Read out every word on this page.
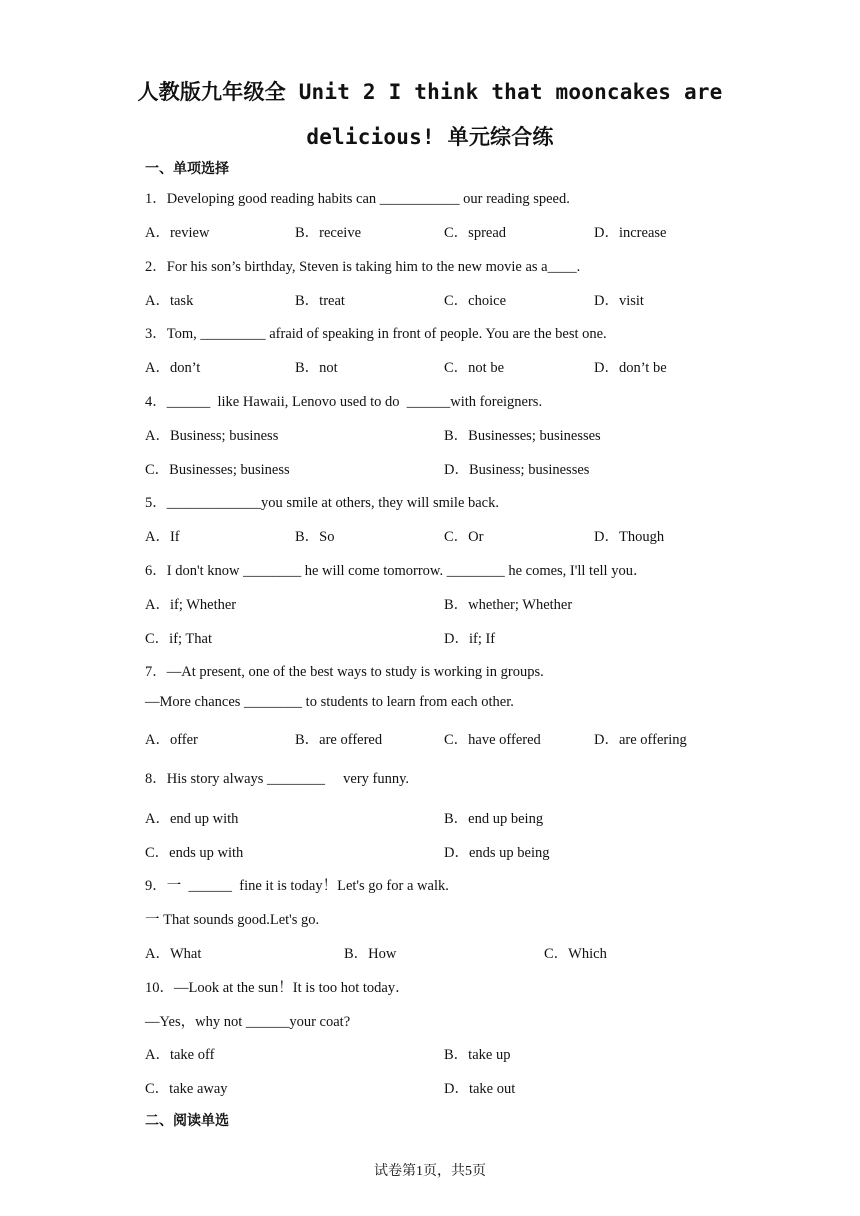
人教版九年级全 Unit 2 I think that mooncakes are
delicious! 单元综合练
一、单项选择
1．Developing good reading habits can ___________ our reading speed.
A．review	B．receive	C．spread	D．increase
2．For his son’s birthday, Steven is taking him to the new movie as a____.
A．task	B．treat	C．choice	D．visit
3．Tom, _________ afraid of speaking in front of people. You are the best one.
A．don’t	B．not	C．not be	D．don’t be
4．______  like Hawaii, Lenovo used to do  ______with foreigners.
A．Business; business	B．Businesses; businesses
C．Businesses; business	D．Business; businesses
5．_____________you smile at others, they will smile back.
A．If	B．So	C．Or	D．Though
6．I don't know ________ he will come tomorrow. ________ he comes, I'll tell you．
A．if; Whether	B．whether; Whether
C．if; That	D．if; If
7．—At present, one of the best ways to study is working in groups.
—More chances ________ to students to learn from each other.
A．offer	B．are offered	C．have offered	D．are offering
8．His story always ________     very funny.
A．end up with	B．end up being
C．ends up with	D．ends up being
9．一  ______  fine it is today！Let's go for a walk.
一 That sounds good.Let's go.
A．What	B．How	C．Which
10．—Look at the sun！It is too hot today．
—Yes，why not ______your coat?
A．take off	B．take up
C．take away	D．take out
二、阅读单选
试卷第1页，共5页
